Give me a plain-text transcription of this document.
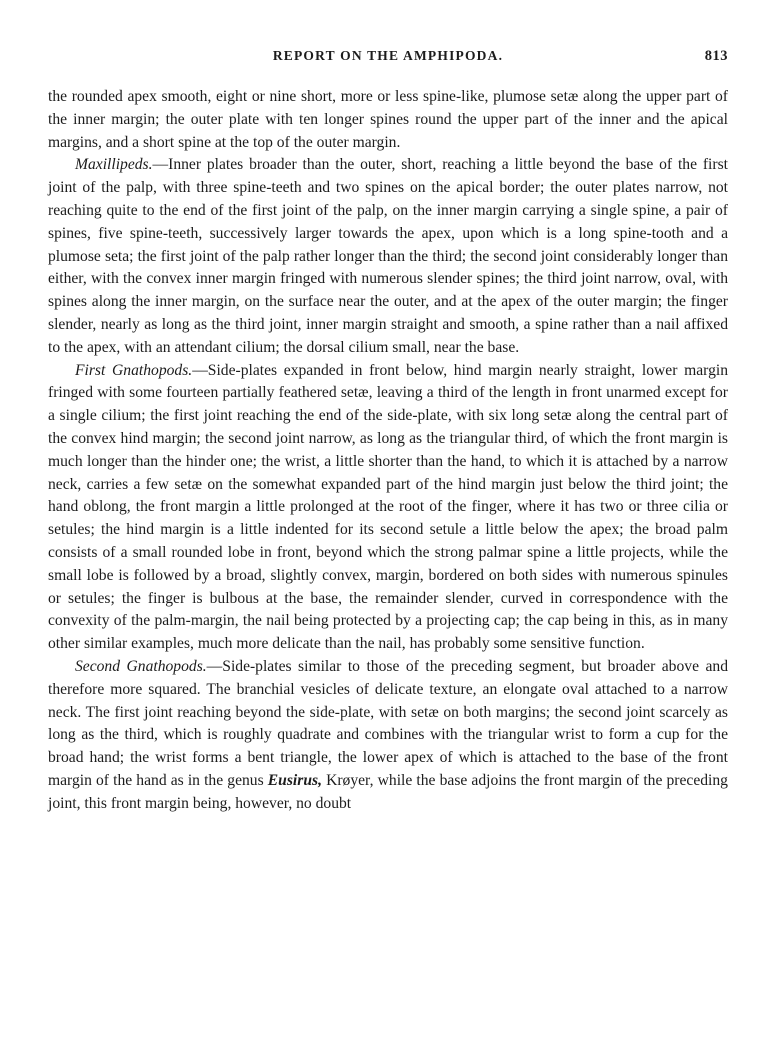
REPORT ON THE AMPHIPODA.	813

the rounded apex smooth, eight or nine short, more or less spine-like, plumose setæ along the upper part of the inner margin; the outer plate with ten longer spines round the upper part of the inner and the apical margins, and a short spine at the top of the outer margin.

Maxillipeds.—Inner plates broader than the outer, short, reaching a little beyond the base of the first joint of the palp, with three spine-teeth and two spines on the apical border; the outer plates narrow, not reaching quite to the end of the first joint of the palp, on the inner margin carrying a single spine, a pair of spines, five spine-teeth, successively larger towards the apex, upon which is a long spine-tooth and a plumose seta; the first joint of the palp rather longer than the third; the second joint considerably longer than either, with the convex inner margin fringed with numerous slender spines; the third joint narrow, oval, with spines along the inner margin, on the surface near the outer, and at the apex of the outer margin; the finger slender, nearly as long as the third joint, inner margin straight and smooth, a spine rather than a nail affixed to the apex, with an attendant cilium; the dorsal cilium small, near the base.

First Gnathopods.—Side-plates expanded in front below, hind margin nearly straight, lower margin fringed with some fourteen partially feathered setæ, leaving a third of the length in front unarmed except for a single cilium; the first joint reaching the end of the side-plate, with six long setæ along the central part of the convex hind margin; the second joint narrow, as long as the triangular third, of which the front margin is much longer than the hinder one; the wrist, a little shorter than the hand, to which it is attached by a narrow neck, carries a few setæ on the somewhat expanded part of the hind margin just below the third joint; the hand oblong, the front margin a little prolonged at the root of the finger, where it has two or three cilia or setules; the hind margin is a little indented for its second setule a little below the apex; the broad palm consists of a small rounded lobe in front, beyond which the strong palmar spine a little projects, while the small lobe is followed by a broad, slightly convex, margin, bordered on both sides with numerous spinules or setules; the finger is bulbous at the base, the remainder slender, curved in correspondence with the convexity of the palm-margin, the nail being protected by a projecting cap; the cap being in this, as in many other similar examples, much more delicate than the nail, has probably some sensitive function.

Second Gnathopods.—Side-plates similar to those of the preceding segment, but broader above and therefore more squared. The branchial vesicles of delicate texture, an elongate oval attached to a narrow neck. The first joint reaching beyond the side-plate, with setæ on both margins; the second joint scarcely as long as the third, which is roughly quadrate and combines with the triangular wrist to form a cup for the broad hand; the wrist forms a bent triangle, the lower apex of which is attached to the base of the front margin of the hand as in the genus Eusirus, Krøyer, while the base adjoins the front margin of the preceding joint, this front margin being, however, no doubt
